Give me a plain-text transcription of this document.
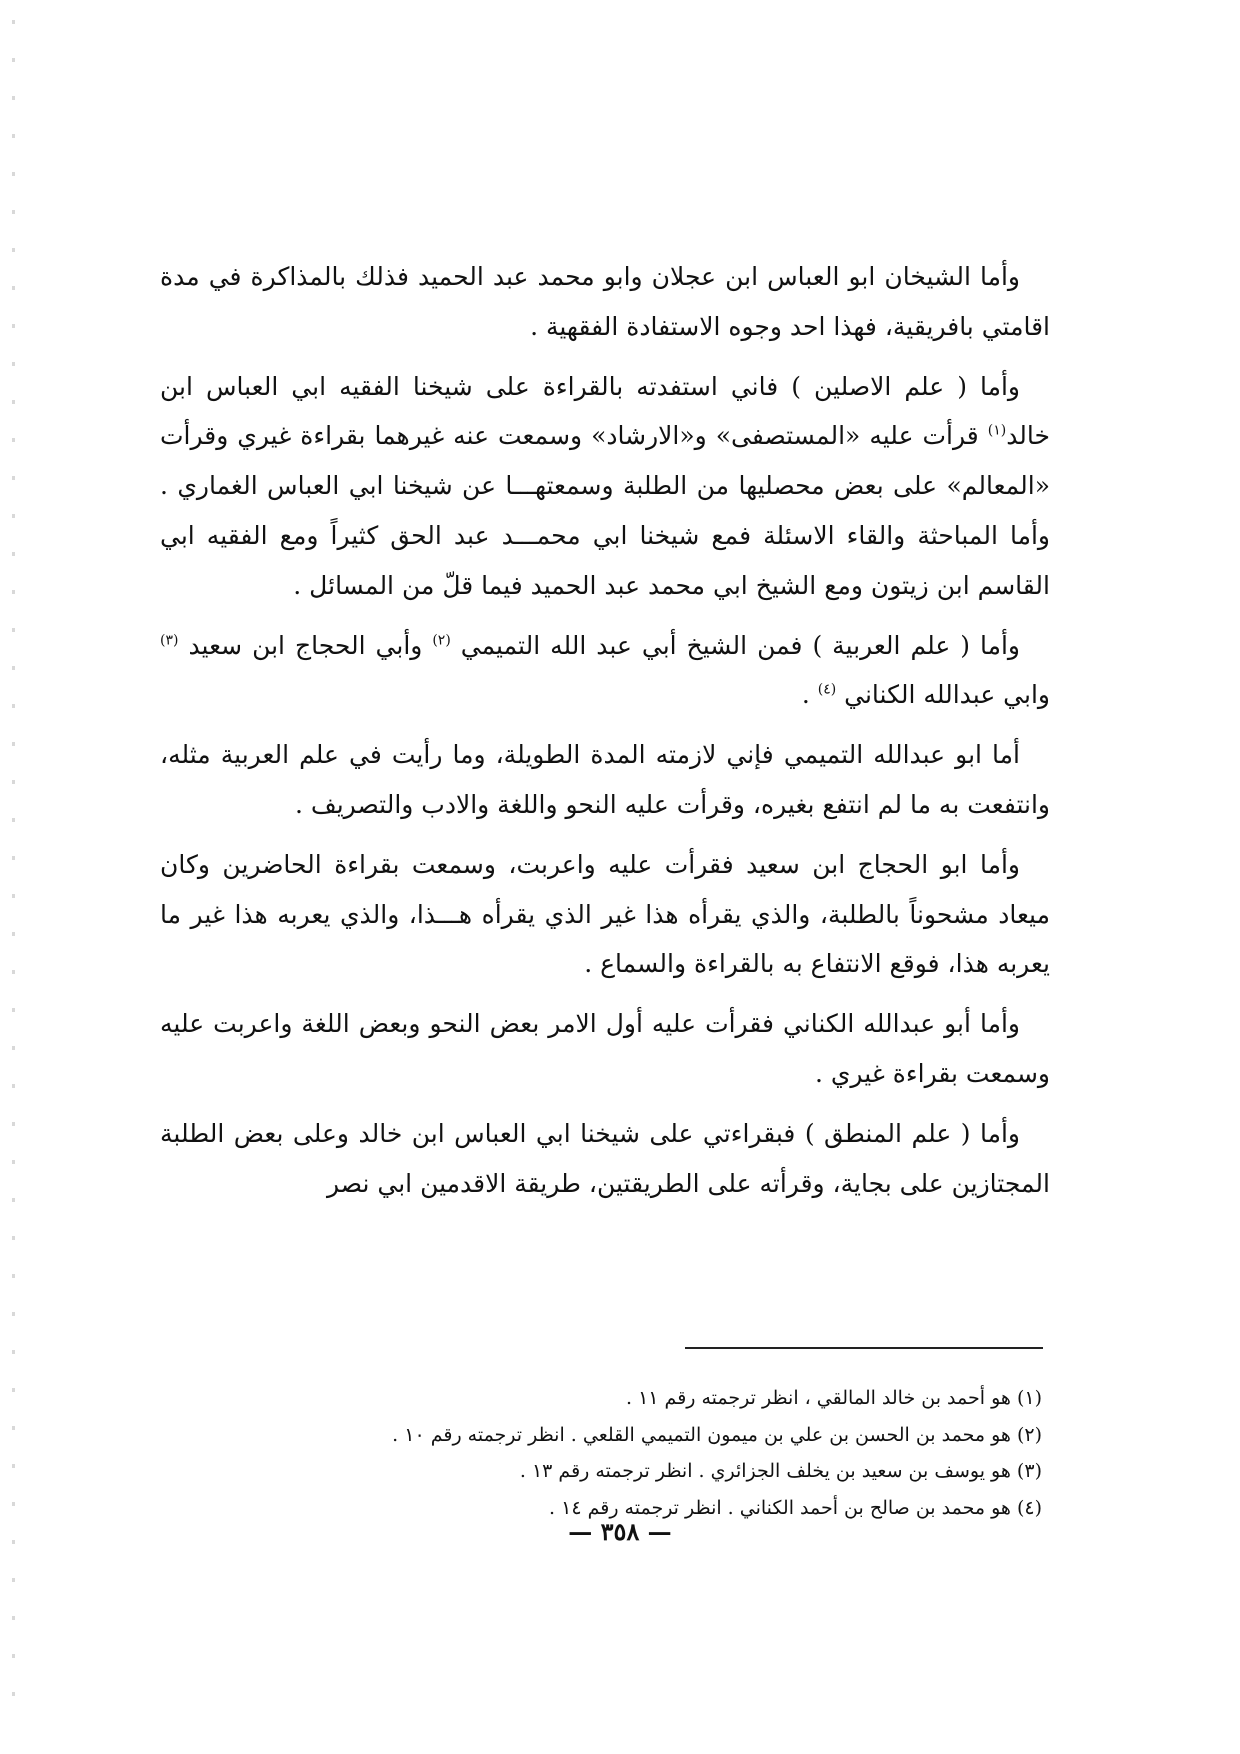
وأما الشيخان ابو العباس ابن عجلان وابو محمد عبد الحميد فذلك بالمذاكرة في مدة اقامتي بافريقية، فهذا احد وجوه الاستفادة الفقهية .

وأما ( علم الاصلين ) فاني استفدته بالقراءة على شيخنا الفقيه ابي العباس ابن خالد$^{(١)}$ قرأت عليه «المستصفى» و«الارشاد» وسمعت عنه غيرهما بقراءة غيري وقرأت «المعالم» على بعض محصليها من الطلبة وسمعتهـــا عن شيخنا ابي العباس الغماري . وأما المباحثة والقاء الاسئلة فمع شيخنا ابي محمـــد عبد الحق كثيراً ومع الفقيه ابي القاسم ابن زيتون ومع الشيخ ابي محمد عبد الحميد فيما قلّ من المسائل .

وأما ( علم العربية ) فمن الشيخ أبي عبد الله التميمي $^{(٢)}$ وأبي الحجاج ابن سعيد $^{(٣)}$ وابي عبدالله الكناني $^{(٤)}$ .

أما ابو عبدالله التميمي فإني لازمته المدة الطويلة، وما رأيت في علم العربية مثله، وانتفعت به ما لم انتفع بغيره، وقرأت عليه النحو واللغة والادب والتصريف .

وأما ابو الحجاج ابن سعيد فقرأت عليه واعربت، وسمعت بقراءة الحاضرين وكان ميعاد مشحوناً بالطلبة، والذي يقرأه هذا غير الذي يقرأه هـــذا، والذي يعربه هذا غير ما يعربه هذا، فوقع الانتفاع به بالقراءة والسماع .

وأما أبو عبدالله الكناني فقرأت عليه أول الامر بعض النحو وبعض اللغة واعربت عليه وسمعت بقراءة غيري .

وأما ( علم المنطق ) فبقراءتي على شيخنا ابي العباس ابن خالد وعلى بعض الطلبة المجتازين على بجاية، وقرأته على الطريقتين، طريقة الاقدمين ابي نصر

(١) هو أحمد بن خالد المالقي ، انظر ترجمته رقم ١١ .

(٢) هو محمد بن الحسن بن علي بن ميمون التميمي القلعي . انظر ترجمته رقم ١٠ .

(٣) هو يوسف بن سعيد بن يخلف الجزائري . انظر ترجمته رقم ١٣ .

(٤) هو محمد بن صالح بن أحمد الكناني . انظر ترجمته رقم ١٤ .

— ٣٥٨ —
